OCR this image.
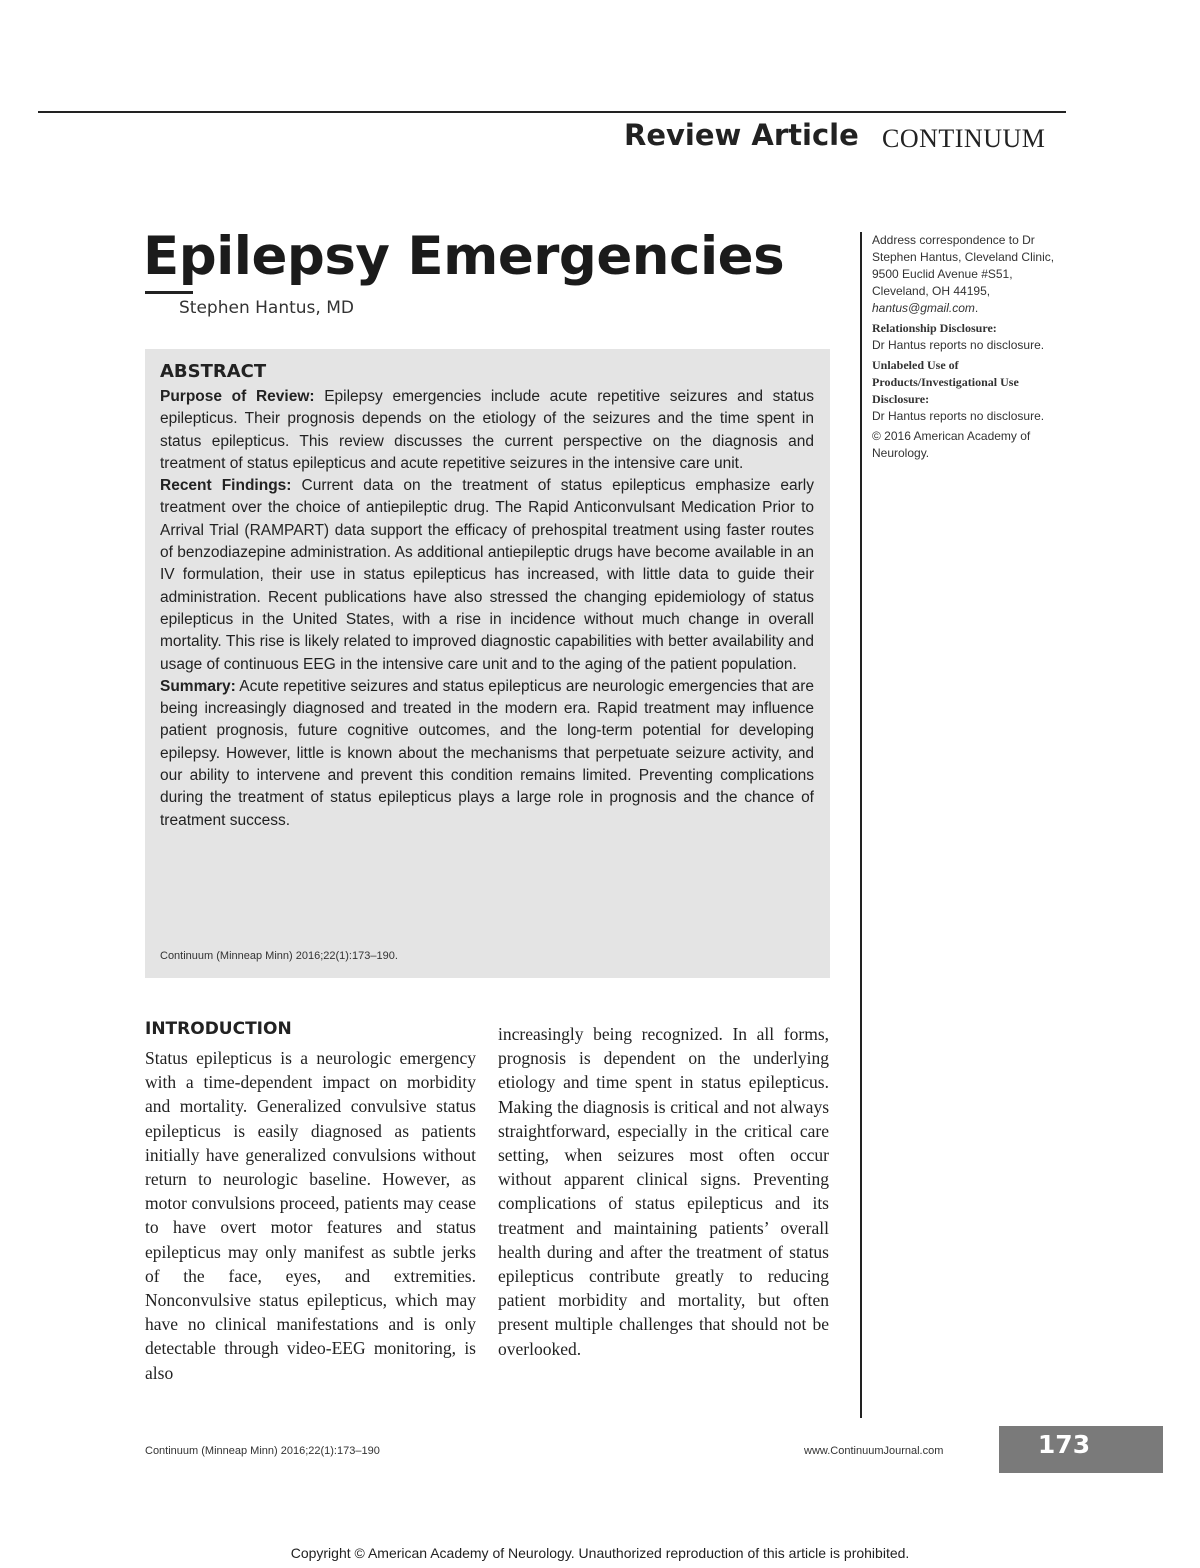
Review Article CONTINUUM
Epilepsy Emergencies
Stephen Hantus, MD
ABSTRACT

Purpose of Review: Epilepsy emergencies include acute repetitive seizures and status epilepticus. Their prognosis depends on the etiology of the seizures and the time spent in status epilepticus. This review discusses the current perspective on the diagnosis and treatment of status epilepticus and acute repetitive seizures in the intensive care unit.

Recent Findings: Current data on the treatment of status epilepticus emphasize early treatment over the choice of antiepileptic drug. The Rapid Anticonvulsant Medication Prior to Arrival Trial (RAMPART) data support the efficacy of prehospital treatment using faster routes of benzodiazepine administration. As additional antiepileptic drugs have become available in an IV formulation, their use in status epilepticus has increased, with little data to guide their administration. Recent publications have also stressed the changing epidemiology of status epilepticus in the United States, with a rise in incidence without much change in overall mortality. This rise is likely related to improved diagnostic capabilities with better availability and usage of continuous EEG in the intensive care unit and to the aging of the patient population.

Summary: Acute repetitive seizures and status epilepticus are neurologic emergencies that are being increasingly diagnosed and treated in the modern era. Rapid treatment may influence patient prognosis, future cognitive outcomes, and the long-term potential for developing epilepsy. However, little is known about the mechanisms that perpetuate seizure activity, and our ability to intervene and prevent this condition remains limited. Preventing complications during the treatment of status epilepticus plays a large role in prognosis and the chance of treatment success.

Continuum (Minneap Minn) 2016;22(1):173–190.

Address correspondence to Dr Stephen Hantus, Cleveland Clinic, 9500 Euclid Avenue #S51, Cleveland, OH 44195, hantus@gmail.com.

Relationship Disclosure:
Dr Hantus reports no disclosure.

Unlabeled Use of Products/Investigational Use Disclosure:
Dr Hantus reports no disclosure.

© 2016 American Academy of Neurology.

INTRODUCTION

Status epilepticus is a neurologic emergency with a time-dependent impact on morbidity and mortality. Generalized convulsive status epilepticus is easily diagnosed as patients initially have generalized convulsions without return to neurologic baseline. However, as motor convulsions proceed, patients may cease to have overt motor features and status epilepticus may only manifest as subtle jerks of the face, eyes, and extremities. Nonconvulsive status epilepticus, which may have no clinical manifestations and is only detectable through video-EEG monitoring, is also

increasingly being recognized. In all forms, prognosis is dependent on the underlying etiology and time spent in status epilepticus. Making the diagnosis is critical and not always straightforward, especially in the critical care setting, when seizures most often occur without apparent clinical signs. Preventing complications of status epilepticus and its treatment and maintaining patients’ overall health during and after the treatment of status epilepticus contribute greatly to reducing patient morbidity and mortality, but often present multiple challenges that should not be overlooked.

Continuum (Minneap Minn) 2016;22(1):173–190	www.ContinuumJournal.com	173
Copyright © American Academy of Neurology. Unauthorized reproduction of this article is prohibited.
